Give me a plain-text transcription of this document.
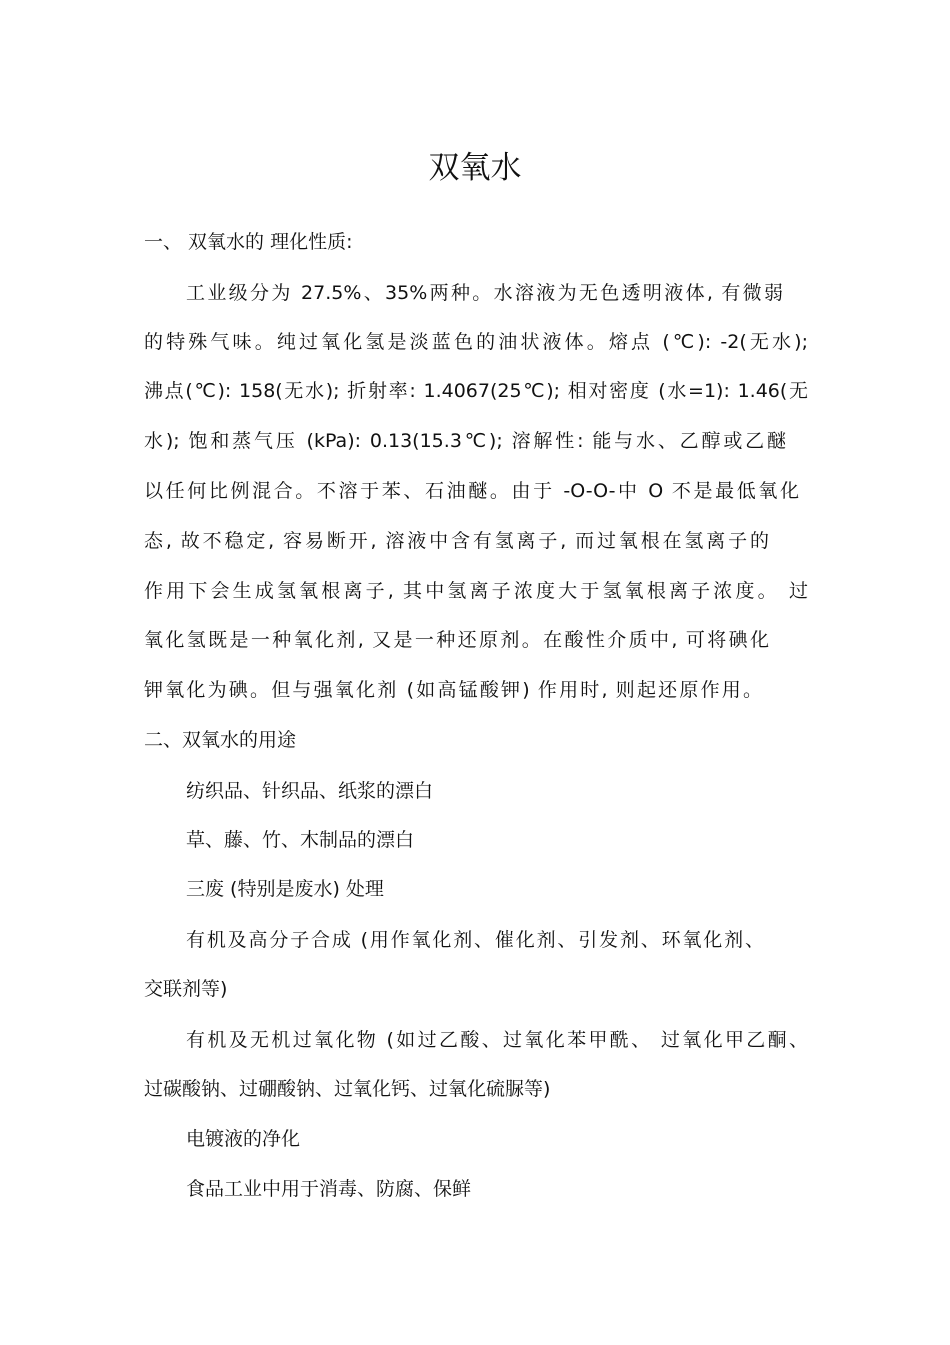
双氧水

一、 双氧水的 理化性质:

工业级分为 27.5%、35%两种。水溶液为无色透明液体, 有微弱

的特殊气味。纯过氧化氢是淡蓝色的油状液体。熔点 (℃): -2(无水);

沸点(℃): 158(无水); 折射率: 1.4067(25℃); 相对密度 (水=1): 1.46(无

水); 饱和蒸气压 (kPa): 0.13(15.3℃); 溶解性: 能与水、乙醇或乙醚

以任何比例混合。不溶于苯、石油醚。由于 -O-O-中 O 不是最低氧化

态, 故不稳定, 容易断开, 溶液中含有氢离子, 而过氧根在氢离子的

作用下会生成氢氧根离子, 其中氢离子浓度大于氢氧根离子浓度。 过

氧化氢既是一种氧化剂, 又是一种还原剂。在酸性介质中, 可将碘化

钾氧化为碘。但与强氧化剂 (如高锰酸钾) 作用时, 则起还原作用。

二、双氧水的用途

纺织品、针织品、纸浆的漂白

草、藤、竹、木制品的漂白

三废 (特别是废水) 处理

有机及高分子合成 (用作氧化剂、催化剂、引发剂、环氧化剂、

交联剂等)

有机及无机过氧化物 (如过乙酸、过氧化苯甲酰、 过氧化甲乙酮、

过碳酸钠、过硼酸钠、过氧化钙、过氧化硫脲等)

电镀液的净化

食品工业中用于消毒、防腐、保鲜
